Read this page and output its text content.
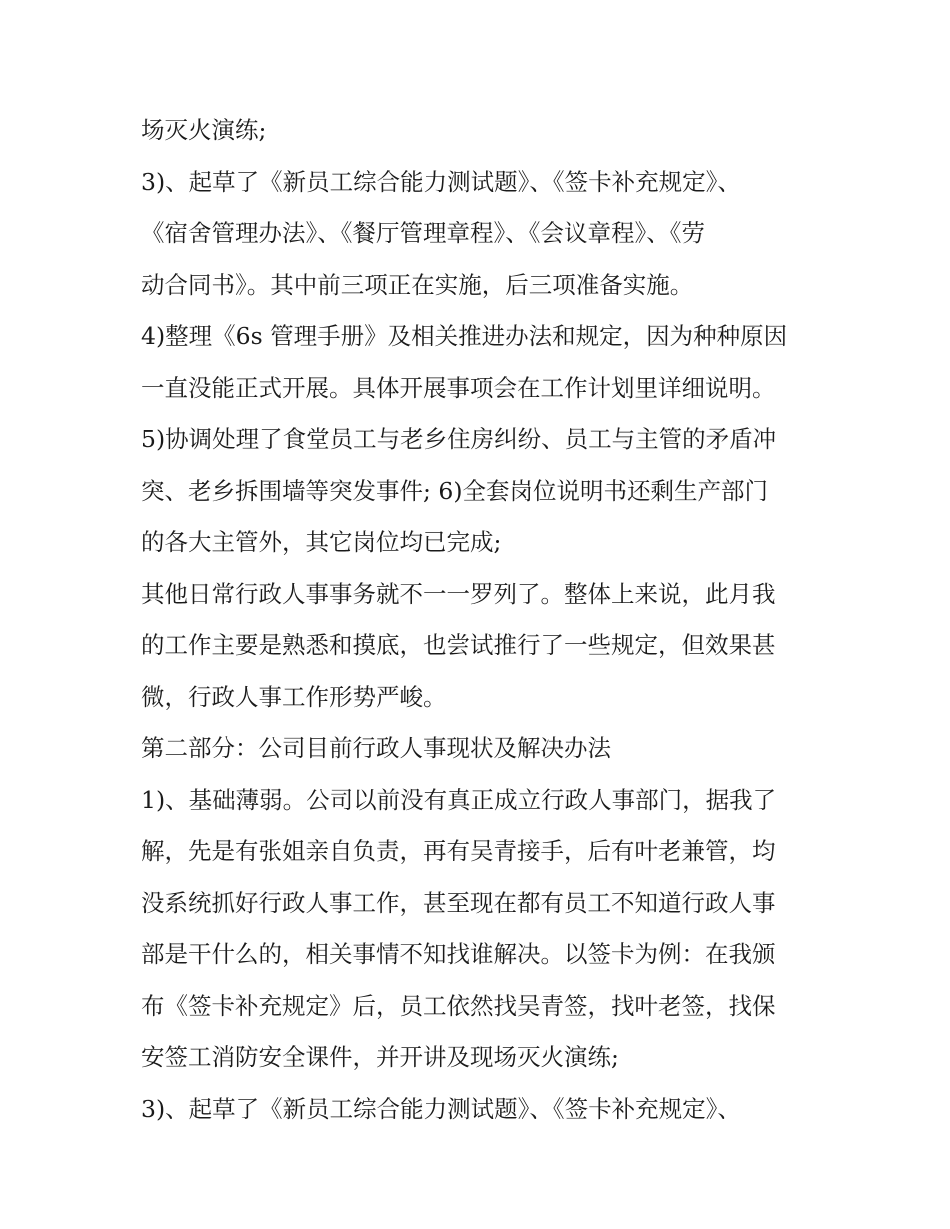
场灭火演练;
3)、起草了《新员工综合能力测试题》、《签卡补充规定》、
《宿舍管理办法》、《餐厅管理章程》、《会议章程》、《劳
动合同书》。其中前三项正在实施，后三项准备实施。
4)整理《6s 管理手册》及相关推进办法和规定，因为种种原因
一直没能正式开展。具体开展事项会在工作计划里详细说明。
5)协调处理了食堂员工与老乡住房纠纷、员工与主管的矛盾冲
突、老乡拆围墙等突发事件; 6)全套岗位说明书还剩生产部门
的各大主管外，其它岗位均已完成;
其他日常行政人事事务就不一一罗列了。整体上来说，此月我
的工作主要是熟悉和摸底，也尝试推行了一些规定，但效果甚
微，行政人事工作形势严峻。
第二部分：公司目前行政人事现状及解决办法
1)、基础薄弱。公司以前没有真正成立行政人事部门，据我了
解，先是有张姐亲自负责，再有吴青接手，后有叶老兼管，均
没系统抓好行政人事工作，甚至现在都有员工不知道行政人事
部是干什么的，相关事情不知找谁解决。以签卡为例：在我颁
布《签卡补充规定》后，员工依然找吴青签，找叶老签，找保
安签工消防安全课件，并开讲及现场灭火演练;
3)、起草了《新员工综合能力测试题》、《签卡补充规定》、
